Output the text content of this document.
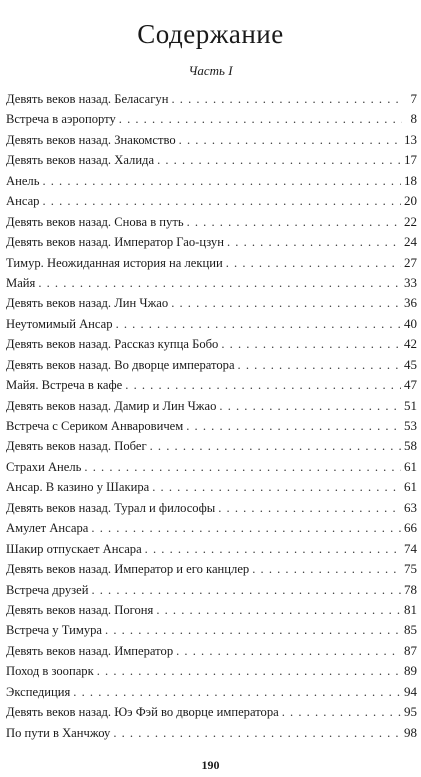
Содержание
Часть I
Девять веков назад. Беласагун . . .	7
Встреча в аэропорту . . .	8
Девять веков назад. Знакомство . . .	13
Девять веков назад. Халида . . .	17
Анель . . .	18
Ансар . . .	20
Девять веков назад. Снова в путь . . .	22
Девять веков назад. Император Гао-цзун . . .	24
Тимур. Неожиданная история на лекции . . .	27
Майя . . .	33
Девять веков назад. Лин Чжао . . .	36
Неутомимый Ансар . . .	40
Девять веков назад. Рассказ купца Бобо . . .	42
Девять веков назад. Во дворце императора . . .	45
Майя. Встреча в кафе . . .	47
Девять веков назад. Дамир и Лин Чжао . . .	51
Встреча с Сериком Анваровичем . . .	53
Девять веков назад. Побег . . .	58
Страхи Анель . . .	61
Ансар. В казино у Шакира . . .	61
Девять веков назад. Турал и философы . . .	63
Амулет Ансара . . .	66
Шакир отпускает Ансара . . .	74
Девять веков назад. Император и его канцлер . . .	75
Встреча друзей . . .	78
Девять веков назад. Погоня . . .	81
Встреча у Тимура . . .	85
Девять веков назад. Император . . .	87
Поход в зоопарк . . .	89
Экспедиция . . .	94
Девять веков назад. Юэ Фэй во дворце императора . . .	95
По пути в Ханчжоу . . .	98
190
